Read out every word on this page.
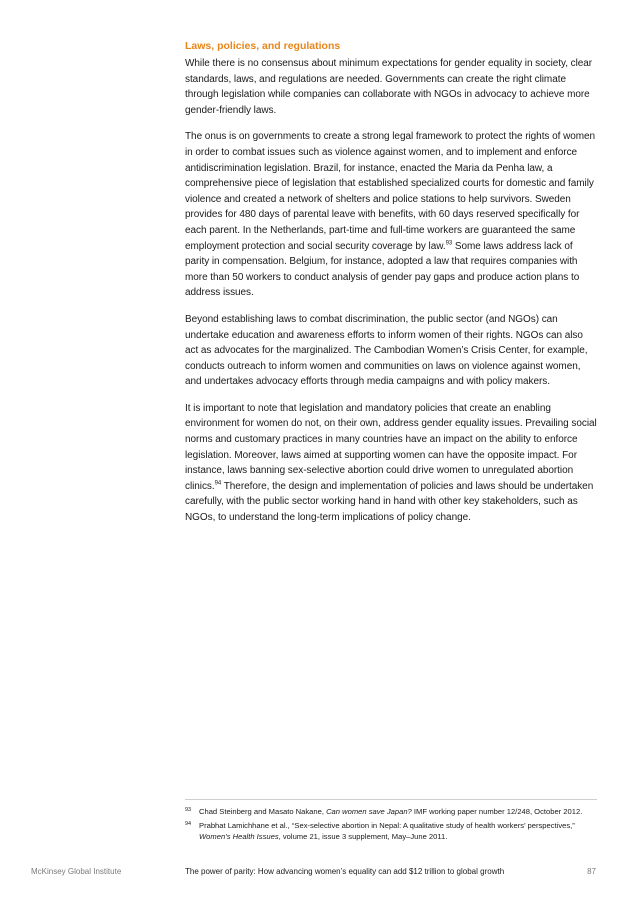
Laws, policies, and regulations

While there is no consensus about minimum expectations for gender equality in society, clear standards, laws, and regulations are needed. Governments can create the right climate through legislation while companies can collaborate with NGOs in advocacy to achieve more gender-friendly laws.

The onus is on governments to create a strong legal framework to protect the rights of women in order to combat issues such as violence against women, and to implement and enforce antidiscrimination legislation. Brazil, for instance, enacted the Maria da Penha law, a comprehensive piece of legislation that established specialized courts for domestic and family violence and created a network of shelters and police stations to help survivors. Sweden provides for 480 days of parental leave with benefits, with 60 days reserved specifically for each parent. In the Netherlands, part-time and full-time workers are guaranteed the same employment protection and social security coverage by law.$^{93}$ Some laws address lack of parity in compensation. Belgium, for instance, adopted a law that requires companies with more than 50 workers to conduct analysis of gender pay gaps and produce action plans to address issues.

Beyond establishing laws to combat discrimination, the public sector (and NGOs) can undertake education and awareness efforts to inform women of their rights. NGOs can also act as advocates for the marginalized. The Cambodian Women’s Crisis Center, for example, conducts outreach to inform women and communities on laws on violence against women, and undertakes advocacy efforts through media campaigns and with policy makers.

It is important to note that legislation and mandatory policies that create an enabling environment for women do not, on their own, address gender equality issues. Prevailing social norms and customary practices in many countries have an impact on the ability to enforce legislation. Moreover, laws aimed at supporting women can have the opposite impact. For instance, laws banning sex-selective abortion could drive women to unregulated abortion clinics.$^{94}$ Therefore, the design and implementation of policies and laws should be undertaken carefully, with the public sector working hand in hand with other key stakeholders, such as NGOs, to understand the long-term implications of policy change.

93	Chad Steinberg and Masato Nakane, Can women save Japan? IMF working paper number 12/248, October 2012.
94	Prabhat Lamichhane et al., “Sex-selective abortion in Nepal: A qualitative study of health workers’ perspectives,” Women’s Health Issues, volume 21, issue 3 supplement, May–June 2011.
McKinsey Global Institute	The power of parity: How advancing women’s equality can add $12 trillion to global growth	87
